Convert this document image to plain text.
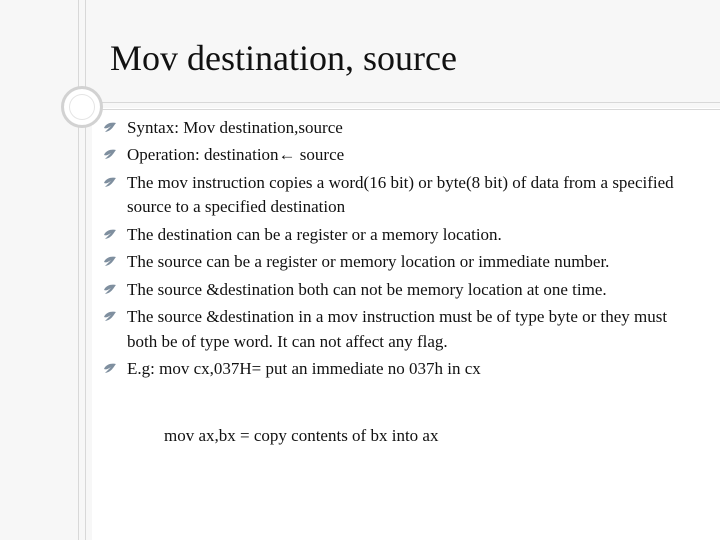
Mov destination, source
Syntax: Mov destination,source
Operation: destination← source
The mov instruction copies a word(16 bit) or byte(8 bit) of data from a specified source to a specified destination
The destination can be a register or a memory location.
The source can be a register or memory location or immediate number.
The source &destination both can not be memory location at one time.
The source &destination in a mov instruction must be of type byte or they must both be of type word. It can not affect any flag.
E.g: mov cx,037H= put an immediate no 037h in cx
mov ax,bx = copy contents of bx into ax
